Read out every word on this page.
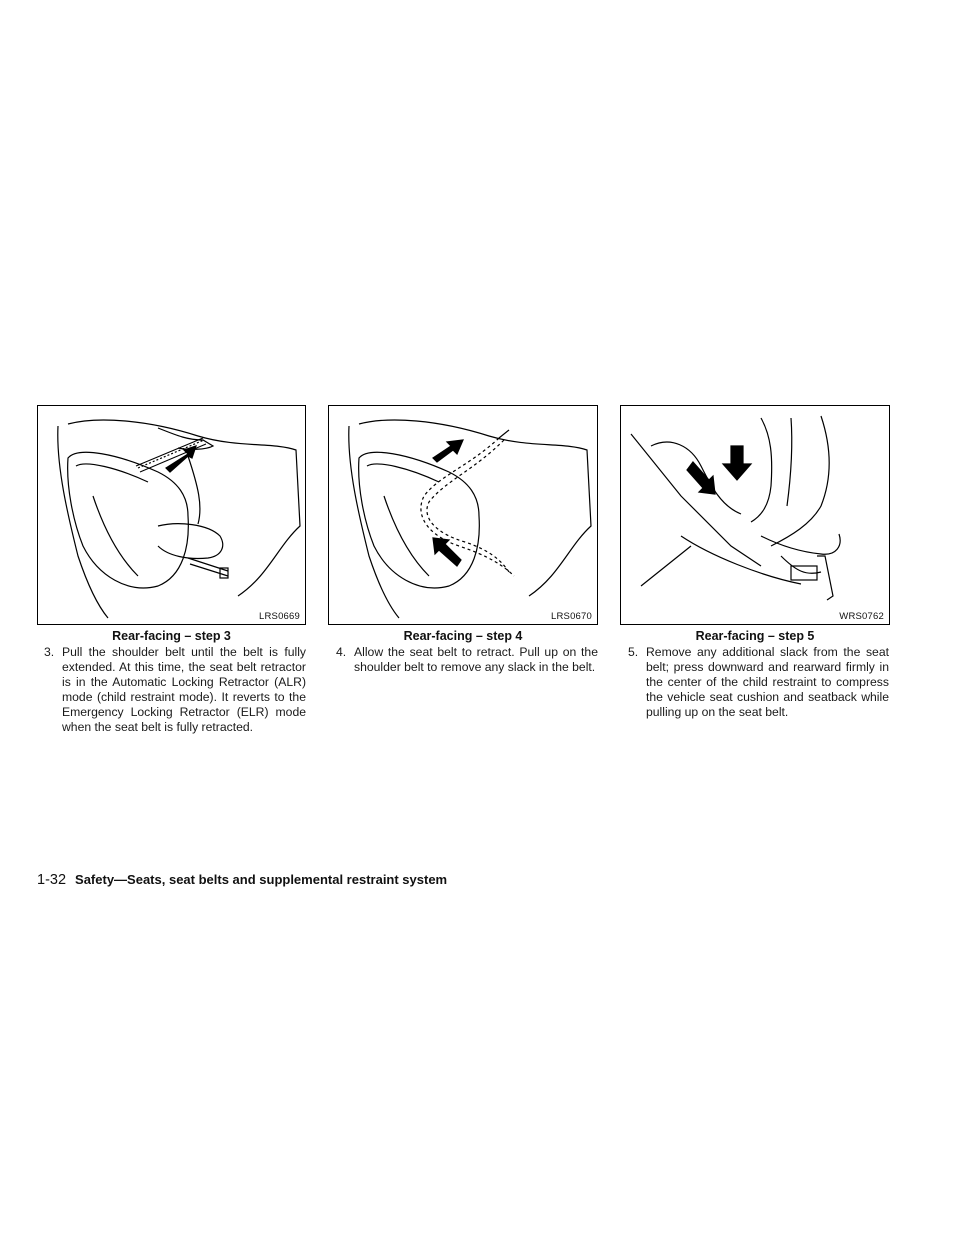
LRS0669	LRS0670	WRS0762
Rear-facing – step 3	Rear-facing – step 4	Rear-facing – step 5
3. Pull the shoulder belt until the belt is fully extended. At this time, the seat belt retractor is in the Automatic Locking Retractor (ALR) mode (child restraint mode). It reverts to the Emergency Locking Retractor (ELR) mode when the seat belt is fully retracted.
4. Allow the seat belt to retract. Pull up on the shoulder belt to remove any slack in the belt.
5. Remove any additional slack from the seat belt; press downward and rearward firmly in the center of the child restraint to compress the vehicle seat cushion and seatback while pulling up on the seat belt.
1-32 Safety—Seats, seat belts and supplemental restraint system
